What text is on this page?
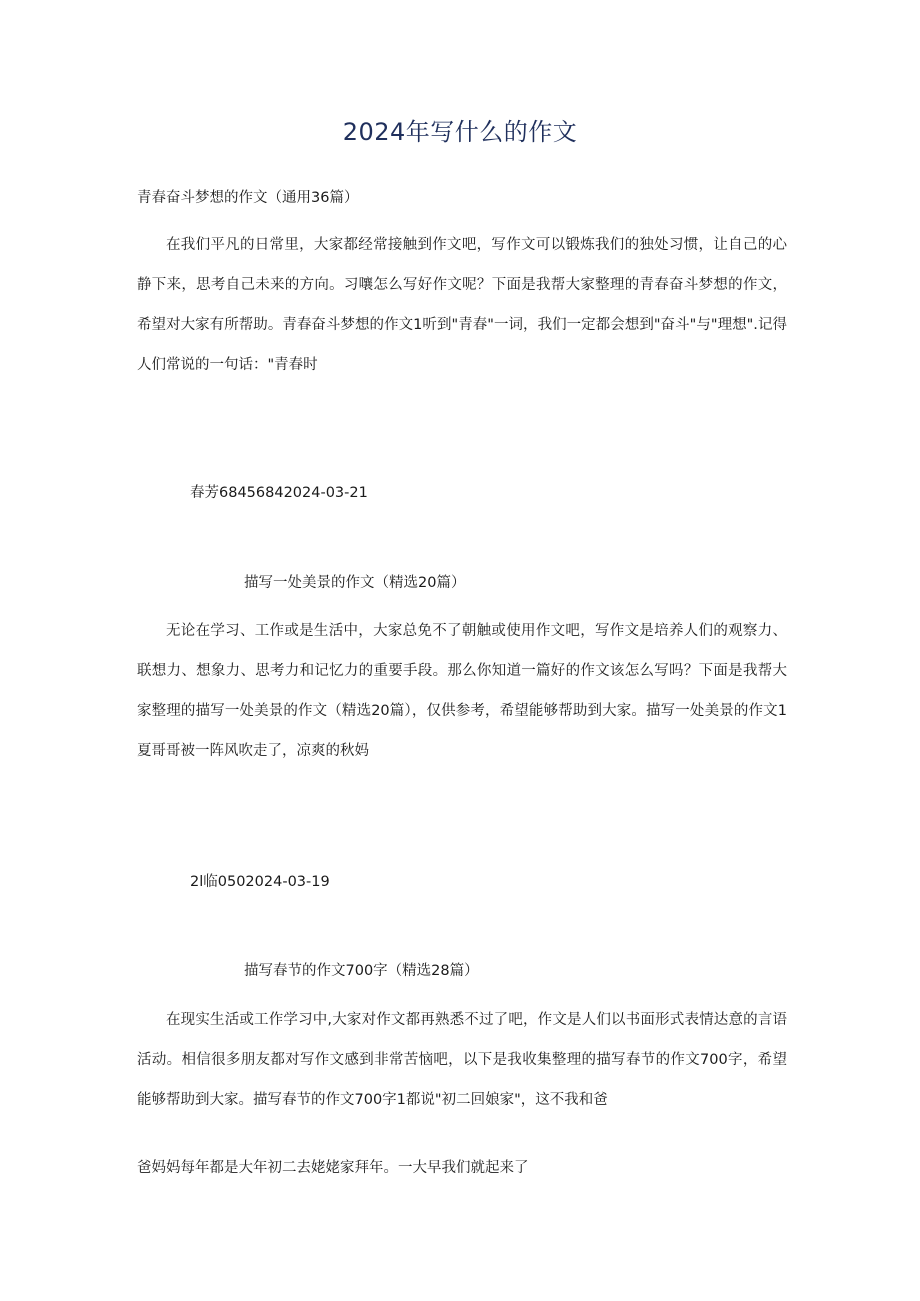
2024年写什么的作文
青春奋斗梦想的作文（通用36篇）
在我们平凡的日常里，大家都经常接触到作文吧，写作文可以锻炼我们的独处习惯，让自己的心静下来，思考自己未来的方向。习嚷怎么写好作文呢？下面是我帮大家整理的青春奋斗梦想的作文，希望对大家有所帮助。青春奋斗梦想的作文1听到"青春"一词，我们一定都会想到"奋斗"与"理想".记得人们常说的一句话："青春时
春芳68456842024-03-21
描写一处美景的作文（精选20篇）
无论在学习、工作或是生活中，大家总免不了朝触或使用作文吧，写作文是培养人们的观察力、联想力、想象力、思考力和记忆力的重要手段。那么你知道一篇好的作文该怎么写吗？下面是我帮大家整理的描写一处美景的作文（精选20篇），仅供参考，希望能够帮助到大家。描写一处美景的作文1夏哥哥被一阵风吹走了，凉爽的秋妈
2l临0502024-03-19
描写春节的作文700字（精选28篇）
在现实生活或工作学习中,大家对作文都再熟悉不过了吧，作文是人们以书面形式表情达意的言语活动。相信很多朋友都对写作文感到非常苦恼吧，以下是我收集整理的描写春节的作文700字，希望能够帮助到大家。描写春节的作文700字1都说"初二回娘家"，这不我和爸
爸妈妈每年都是大年初二去姥姥家拜年。一大早我们就起来了
